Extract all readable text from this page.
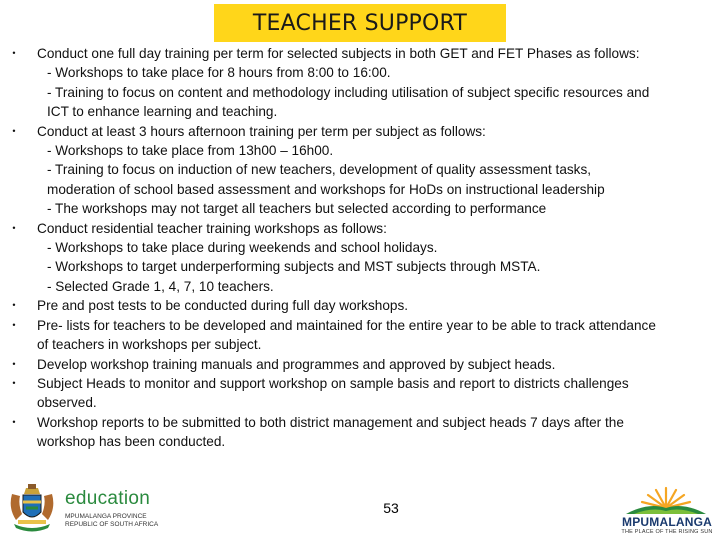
TEACHER SUPPORT
•	Conduct one full day training per term for selected subjects in both GET and FET Phases as follows:
- Workshops to take place for 8 hours from 8:00 to 16:00.
- Training to focus on content and methodology including utilisation of subject specific resources and
ICT to enhance learning and teaching.
•	Conduct at least 3 hours afternoon training per term per subject as follows:
- Workshops to take place from 13h00 – 16h00.
- Training to focus on induction of new teachers, development of quality assessment tasks,
moderation of school based assessment and workshops for HoDs on instructional leadership
- The workshops may not target all teachers but selected according to performance
•	Conduct residential teacher training workshops as follows:
- Workshops to take place during weekends and school holidays.
- Workshops to target underperforming subjects and MST subjects through MSTA.
- Selected Grade 1, 4, 7, 10 teachers.
•	Pre and post tests to be conducted during full day workshops.
•	Pre- lists for teachers to be developed and maintained for the entire year to be able to track attendance
of teachers in workshops per subject.
•	Develop workshop training manuals and programmes and approved by subject heads.
•	Subject Heads to monitor and support workshop on sample basis and report to districts challenges
observed.
•	Workshop reports to be submitted to both district management and subject heads 7 days after the
workshop has been conducted.
education
MPUMALANGA PROVINCE
REPUBLIC OF SOUTH AFRICA
53
MPUMALANGA
THE PLACE OF THE RISING SUN
